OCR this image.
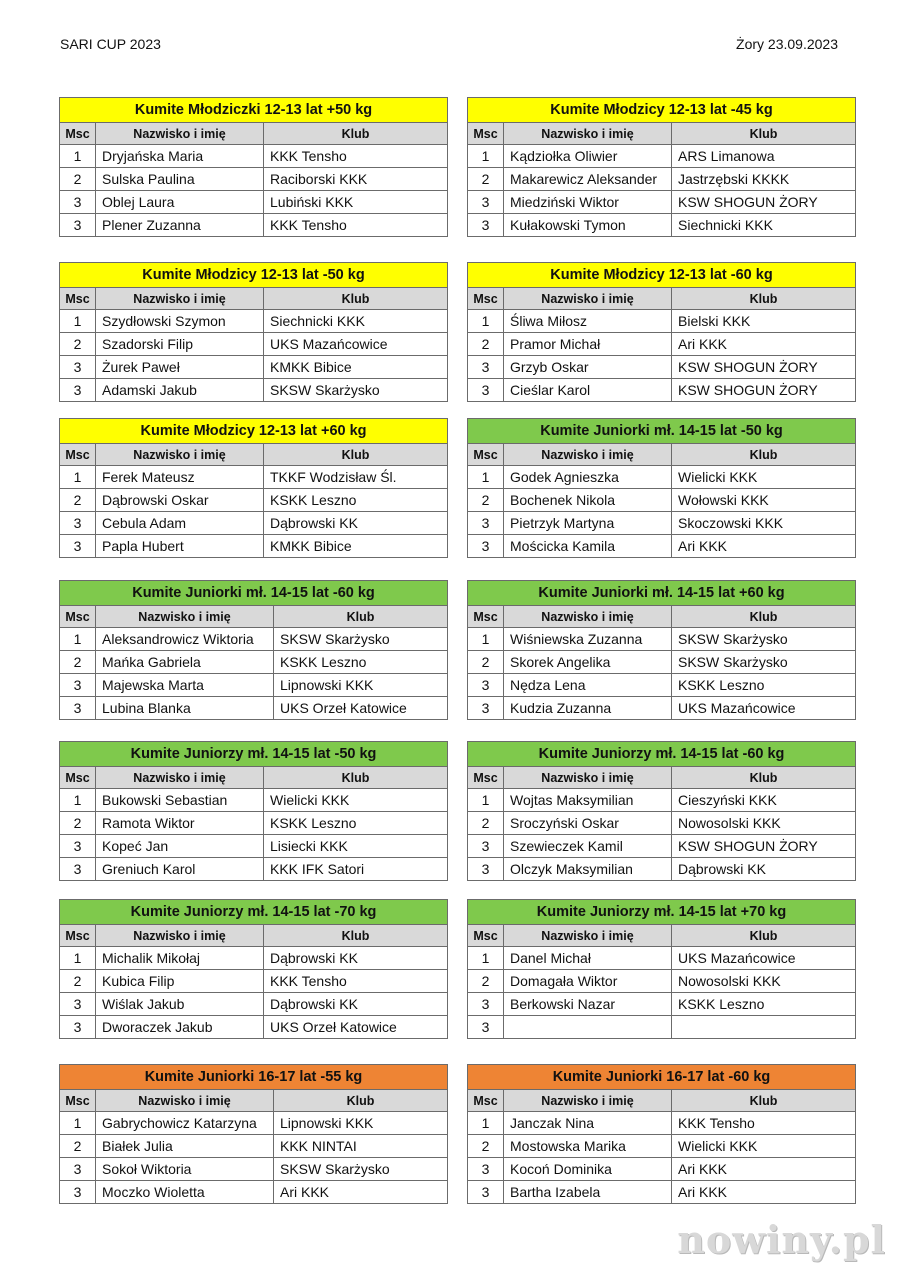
SARI CUP 2023	Żory 23.09.2023
Kumite Młodziczki 12-13 lat +50 kg		
Msc	Nazwisko i imię	Klub
1	Dryjańska Maria	KKK Tensho
2	Sulska Paulina	Raciborski KKK
3	Oblej Laura	Lubiński KKK
3	Plener Zuzanna	KKK Tensho
Kumite Młodzicy 12-13 lat -45 kg		
Msc	Nazwisko i imię	Klub
1	Kądziołka Oliwier	ARS Limanowa
2	Makarewicz Aleksander	Jastrzębski KKKK
3	Miedziński Wiktor	KSW SHOGUN ŻORY
3	Kułakowski Tymon	Siechnicki KKK
Kumite Młodzicy 12-13 lat -50 kg		
Msc	Nazwisko i imię	Klub
1	Szydłowski Szymon	Siechnicki KKK
2	Szadorski Filip	UKS Mazańcowice
3	Żurek Paweł	KMKK Bibice
3	Adamski Jakub	SKSW Skarżysko
Kumite Młodzicy 12-13 lat -60 kg		
Msc	Nazwisko i imię	Klub
1	Śliwa Miłosz	Bielski KKK
2	Pramor Michał	Ari KKK
3	Grzyb Oskar	KSW SHOGUN ŻORY
3	Cieślar Karol	KSW SHOGUN ŻORY
Kumite Młodzicy 12-13 lat +60 kg		
Msc	Nazwisko i imię	Klub
1	Ferek Mateusz	TKKF Wodzisław Śl.
2	Dąbrowski Oskar	KSKK Leszno
3	Cebula Adam	Dąbrowski KK
3	Papla Hubert	KMKK Bibice
Kumite Juniorki mł. 14-15 lat -50 kg		
Msc	Nazwisko i imię	Klub
1	Godek Agnieszka	Wielicki KKK
2	Bochenek Nikola	Wołowski KKK
3	Pietrzyk Martyna	Skoczowski KKK
3	Mościcka Kamila	Ari KKK
Kumite Juniorki mł. 14-15 lat -60 kg		
Msc	Nazwisko i imię	Klub
1	Aleksandrowicz Wiktoria	SKSW Skarżysko
2	Mańka Gabriela	KSKK Leszno
3	Majewska Marta	Lipnowski KKK
3	Lubina Blanka	UKS Orzeł Katowice
Kumite Juniorki mł. 14-15 lat +60 kg		
Msc	Nazwisko i imię	Klub
1	Wiśniewska Zuzanna	SKSW Skarżysko
2	Skorek Angelika	SKSW Skarżysko
3	Nędza Lena	KSKK Leszno
3	Kudzia Zuzanna	UKS Mazańcowice
Kumite Juniorzy mł. 14-15 lat -50 kg		
Msc	Nazwisko i imię	Klub
1	Bukowski Sebastian	Wielicki KKK
2	Ramota Wiktor	KSKK Leszno
3	Kopeć Jan	Lisiecki KKK
3	Greniuch Karol	KKK IFK Satori
Kumite Juniorzy mł. 14-15 lat -60 kg		
Msc	Nazwisko i imię	Klub
1	Wojtas Maksymilian	Cieszyński KKK
2	Sroczyński Oskar	Nowosolski KKK
3	Szewieczek Kamil	KSW SHOGUN ŻORY
3	Olczyk Maksymilian	Dąbrowski KK
Kumite Juniorzy mł. 14-15 lat -70 kg		
Msc	Nazwisko i imię	Klub
1	Michalik Mikołaj	Dąbrowski KK
2	Kubica Filip	KKK Tensho
3	Wiślak Jakub	Dąbrowski KK
3	Dworaczek Jakub	UKS Orzeł Katowice
Kumite Juniorzy mł. 14-15 lat +70 kg		
Msc	Nazwisko i imię	Klub
1	Danel Michał	UKS Mazańcowice
2	Domagała Wiktor	Nowosolski KKK
3	Berkowski Nazar	KSKK Leszno
3		
Kumite Juniorki 16-17 lat -55 kg		
Msc	Nazwisko i imię	Klub
1	Gabrychowicz Katarzyna	Lipnowski KKK
2	Białek Julia	KKK NINTAI
3	Sokoł Wiktoria	SKSW Skarżysko
3	Moczko Wioletta	Ari KKK
Kumite Juniorki 16-17 lat -60 kg		
Msc	Nazwisko i imię	Klub
1	Janczak Nina	KKK Tensho
2	Mostowska Marika	Wielicki KKK
3	Kocoń Dominika	Ari KKK
3	Bartha Izabela	Ari KKK
nowiny.pl
